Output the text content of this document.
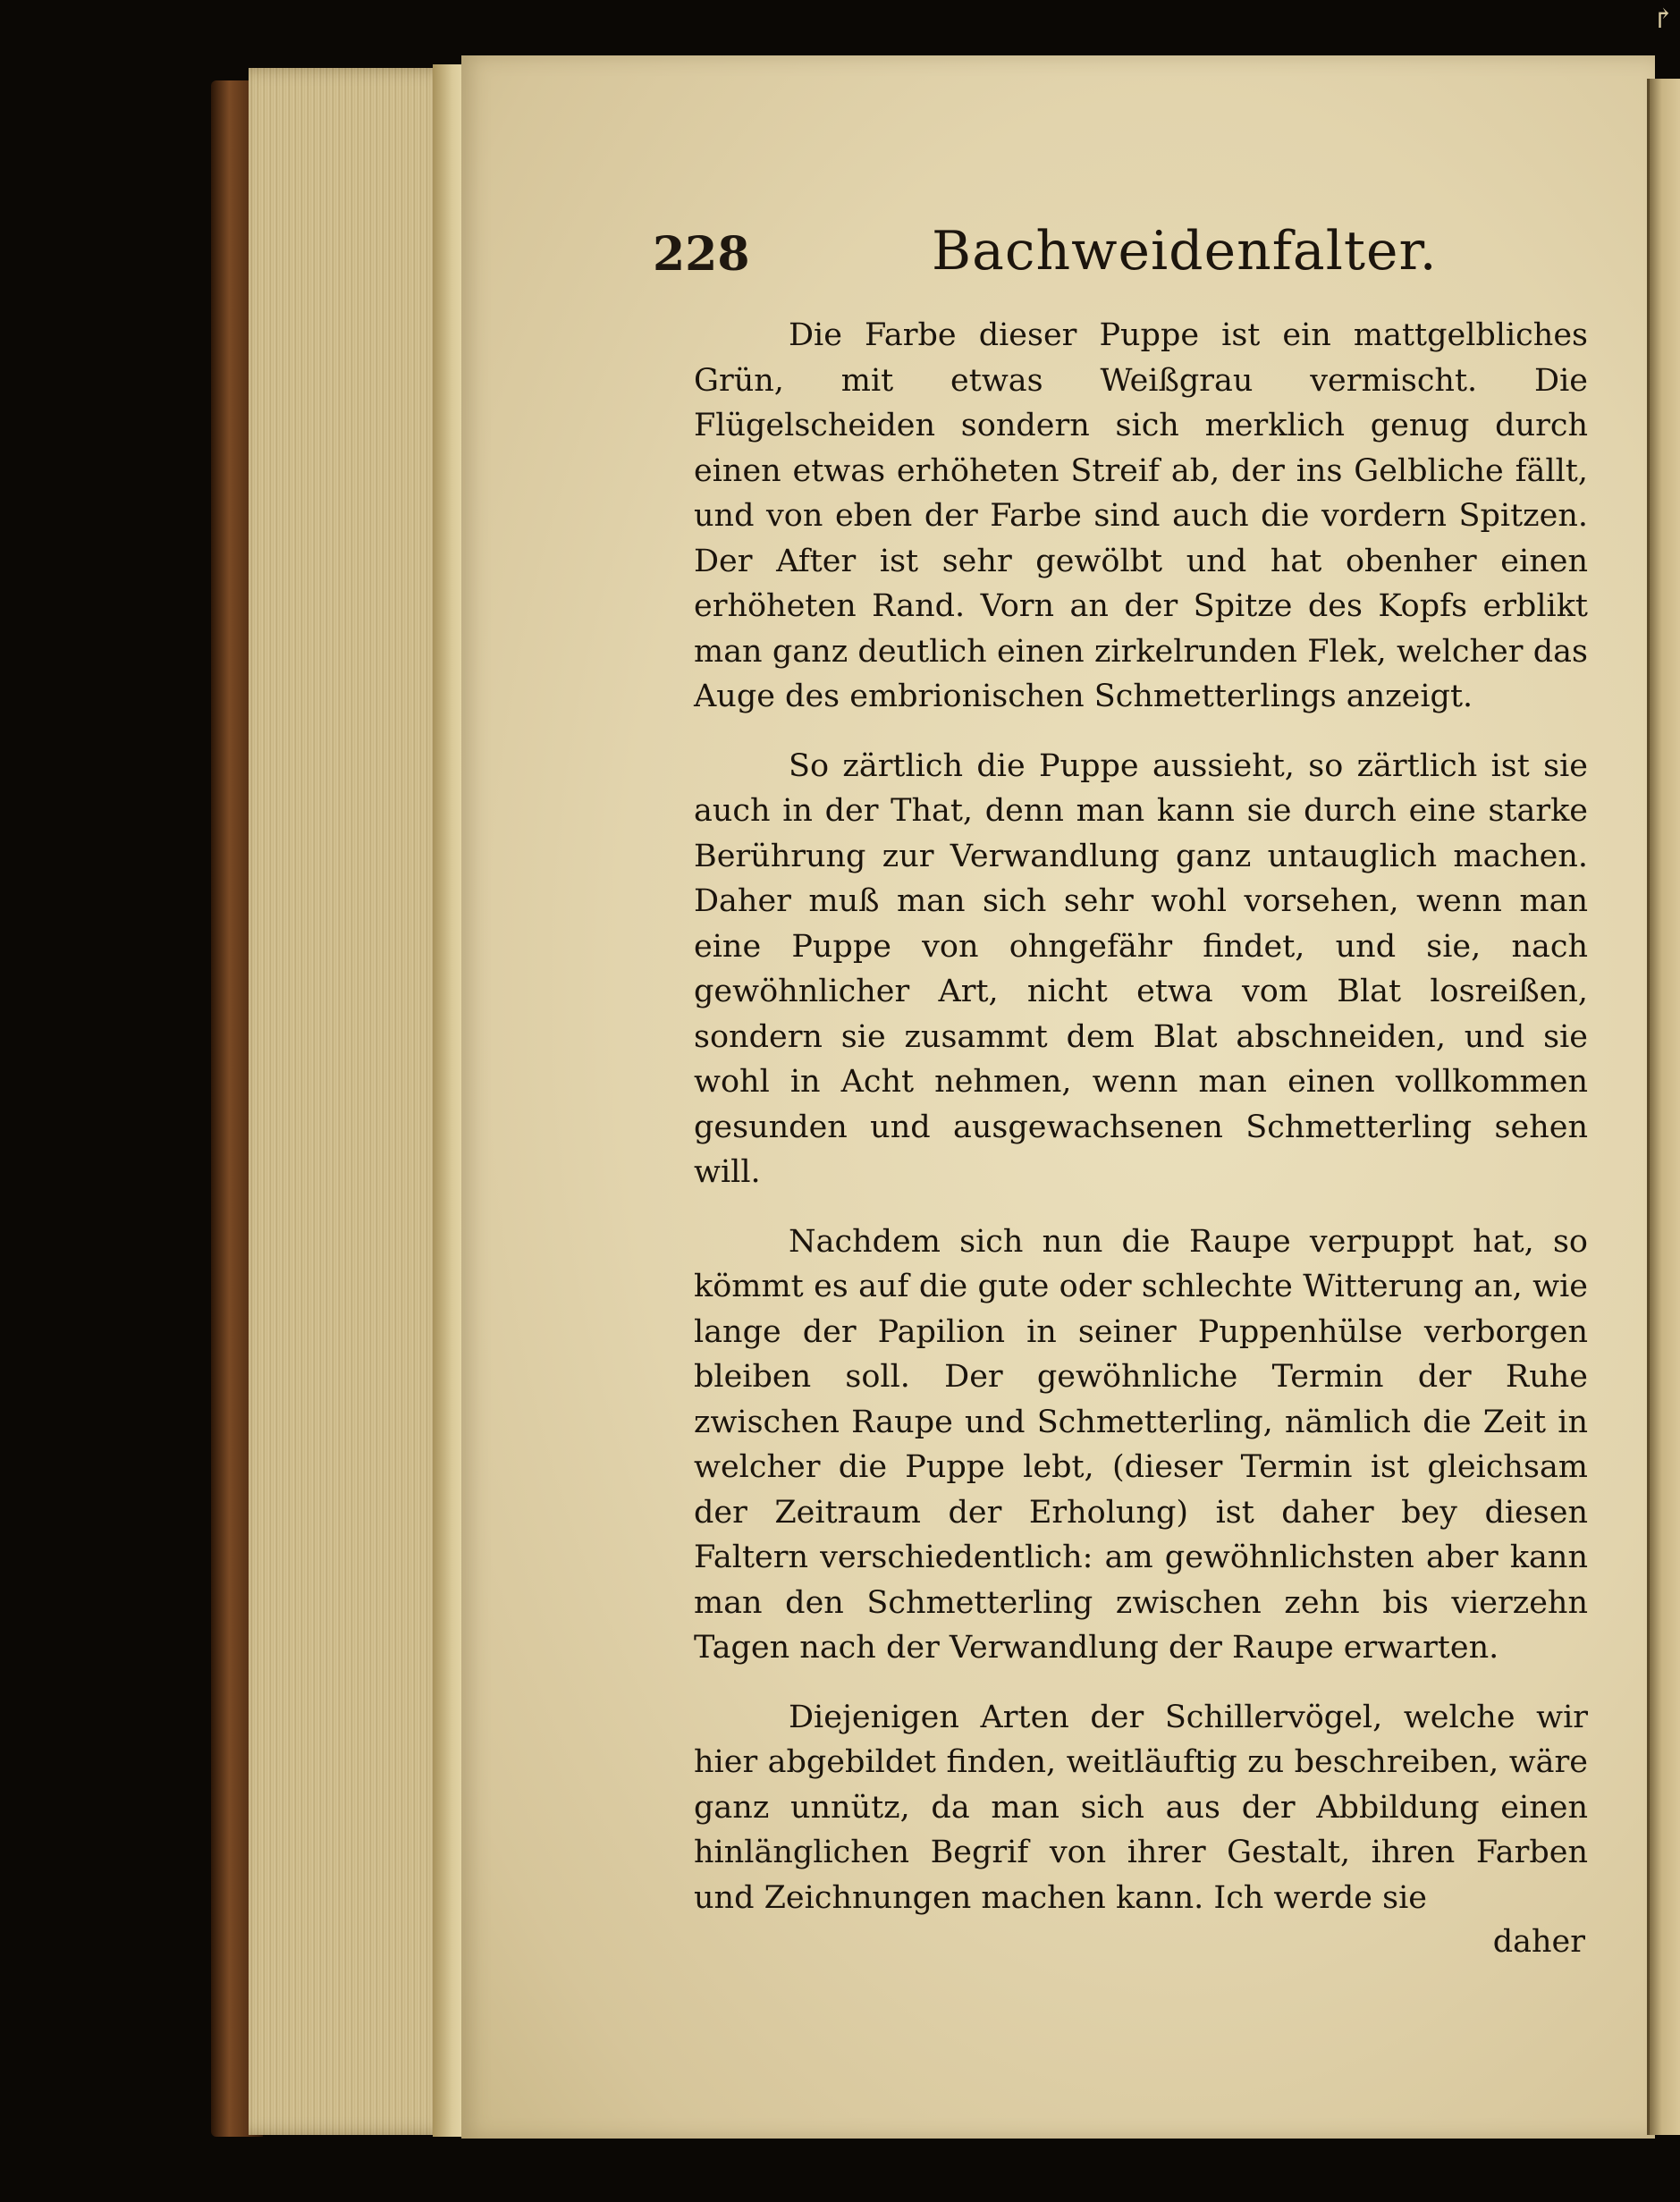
↱
228	Bachweidenfalter.

Die Farbe dieser Puppe ist ein mattgelbliches Grün, mit etwas Weißgrau vermischt. Die Flügelscheiden sondern sich merklich genug durch einen etwas erhöheten Streif ab, der ins Gelbliche fällt, und von eben der Farbe sind auch die vordern Spitzen. Der After ist sehr gewölbt und hat obenher einen erhöheten Rand. Vorn an der Spitze des Kopfs erblikt man ganz deutlich einen zirkelrunden Flek, welcher das Auge des embrionischen Schmetterlings anzeigt.

So zärtlich die Puppe aussieht, so zärtlich ist sie auch in der That, denn man kann sie durch eine starke Berührung zur Verwandlung ganz untauglich machen. Daher muß man sich sehr wohl vorsehen, wenn man eine Puppe von ohngefähr findet, und sie, nach gewöhnlicher Art, nicht etwa vom Blat losreißen, sondern sie zusammt dem Blat abschneiden, und sie wohl in Acht nehmen, wenn man einen vollkommen gesunden und ausgewachsenen Schmetterling sehen will.

Nachdem sich nun die Raupe verpuppt hat, so kömmt es auf die gute oder schlechte Witterung an, wie lange der Papilion in seiner Puppenhülse verborgen bleiben soll. Der gewöhnliche Termin der Ruhe zwischen Raupe und Schmetterling, nämlich die Zeit in welcher die Puppe lebt, (dieser Termin ist gleichsam der Zeitraum der Erholung) ist daher bey diesen Faltern verschiedentlich: am gewöhnlichsten aber kann man den Schmetterling zwischen zehn bis vierzehn Tagen nach der Verwandlung der Raupe erwarten.

Diejenigen Arten der Schillervögel, welche wir hier abgebildet finden, weitläuftig zu beschreiben, wäre ganz unnütz, da man sich aus der Abbildung einen hinlänglichen Begrif von ihrer Gestalt, ihren Farben und Zeichnungen machen kann. Ich werde sie

daher
